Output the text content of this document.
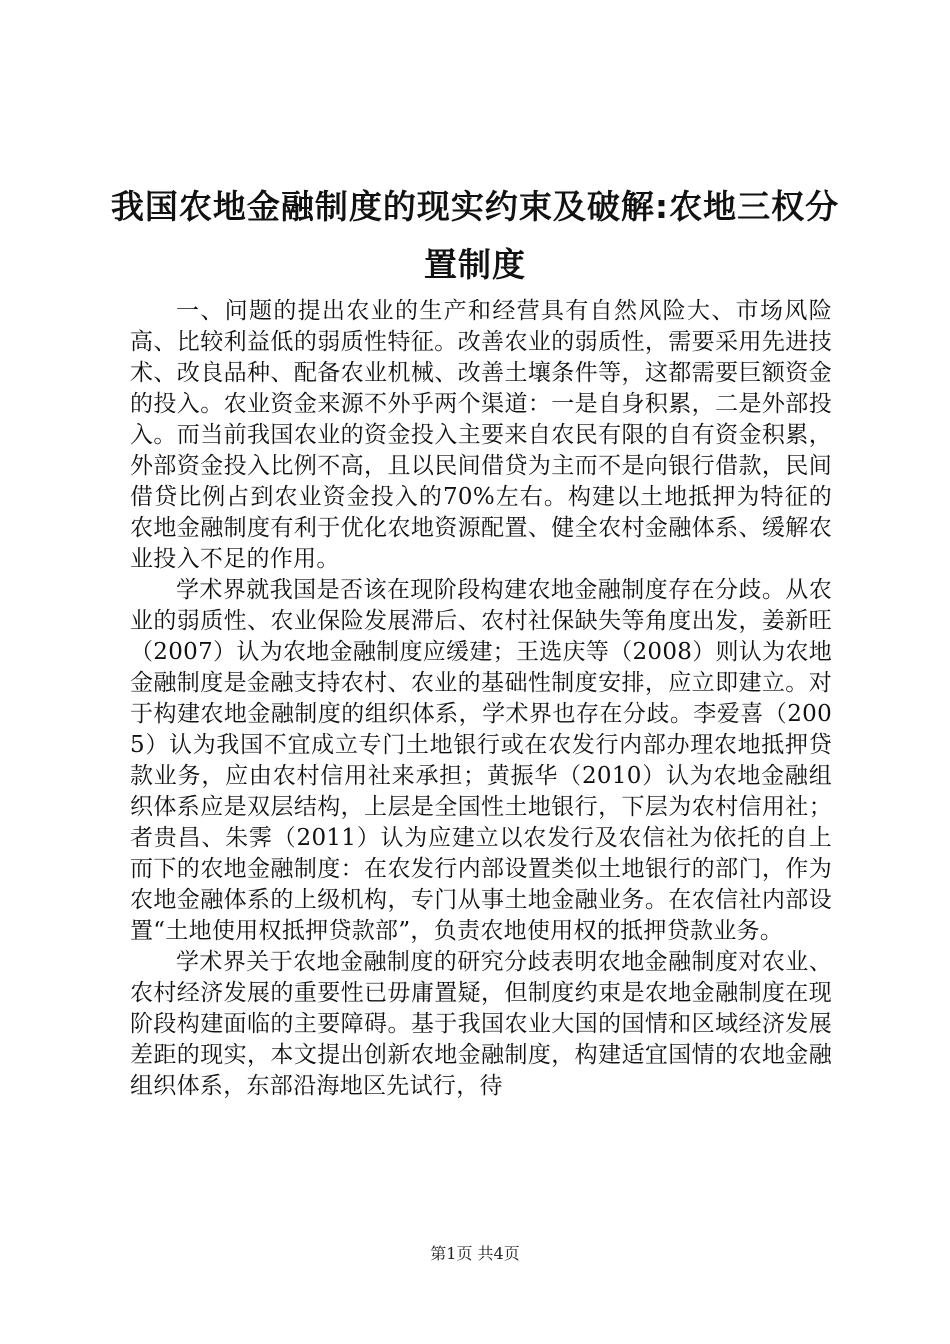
我国农地金融制度的现实约束及破解:农地三权分置制度

一、问题的提出农业的生产和经营具有自然风险大、市场风险高、比较利益低的弱质性特征。改善农业的弱质性，需要采用先进技术、改良品种、配备农业机械、改善土壤条件等，这都需要巨额资金的投入。农业资金来源不外乎两个渠道：一是自身积累，二是外部投入。而当前我国农业的资金投入主要来自农民有限的自有资金积累，外部资金投入比例不高，且以民间借贷为主而不是向银行借款，民间借贷比例占到农业资金投入的70%左右。构建以土地抵押为特征的农地金融制度有利于优化农地资源配置、健全农村金融体系、缓解农业投入不足的作用。

学术界就我国是否该在现阶段构建农地金融制度存在分歧。从农业的弱质性、农业保险发展滞后、农村社保缺失等角度出发，姜新旺（2007）认为农地金融制度应缓建；王选庆等（2008）则认为农地金融制度是金融支持农村、农业的基础性制度安排，应立即建立。对于构建农地金融制度的组织体系，学术界也存在分歧。李爱喜（2005）认为我国不宜成立专门土地银行或在农发行内部办理农地抵押贷款业务，应由农村信用社来承担；黄振华（2010）认为农地金融组织体系应是双层结构，上层是全国性土地银行，下层为农村信用社；者贵昌、朱霁（2011）认为应建立以农发行及农信社为依托的自上而下的农地金融制度：在农发行内部设置类似土地银行的部门，作为农地金融体系的上级机构，专门从事土地金融业务。在农信社内部设置“土地使用权抵押贷款部”，负责农地使用权的抵押贷款业务。

学术界关于农地金融制度的研究分歧表明农地金融制度对农业、农村经济发展的重要性已毋庸置疑，但制度约束是农地金融制度在现阶段构建面临的主要障碍。基于我国农业大国的国情和区域经济发展差距的现实，本文提出创新农地金融制度，构建适宜国情的农地金融组织体系，东部沿海地区先试行，待

第1页 共4页
